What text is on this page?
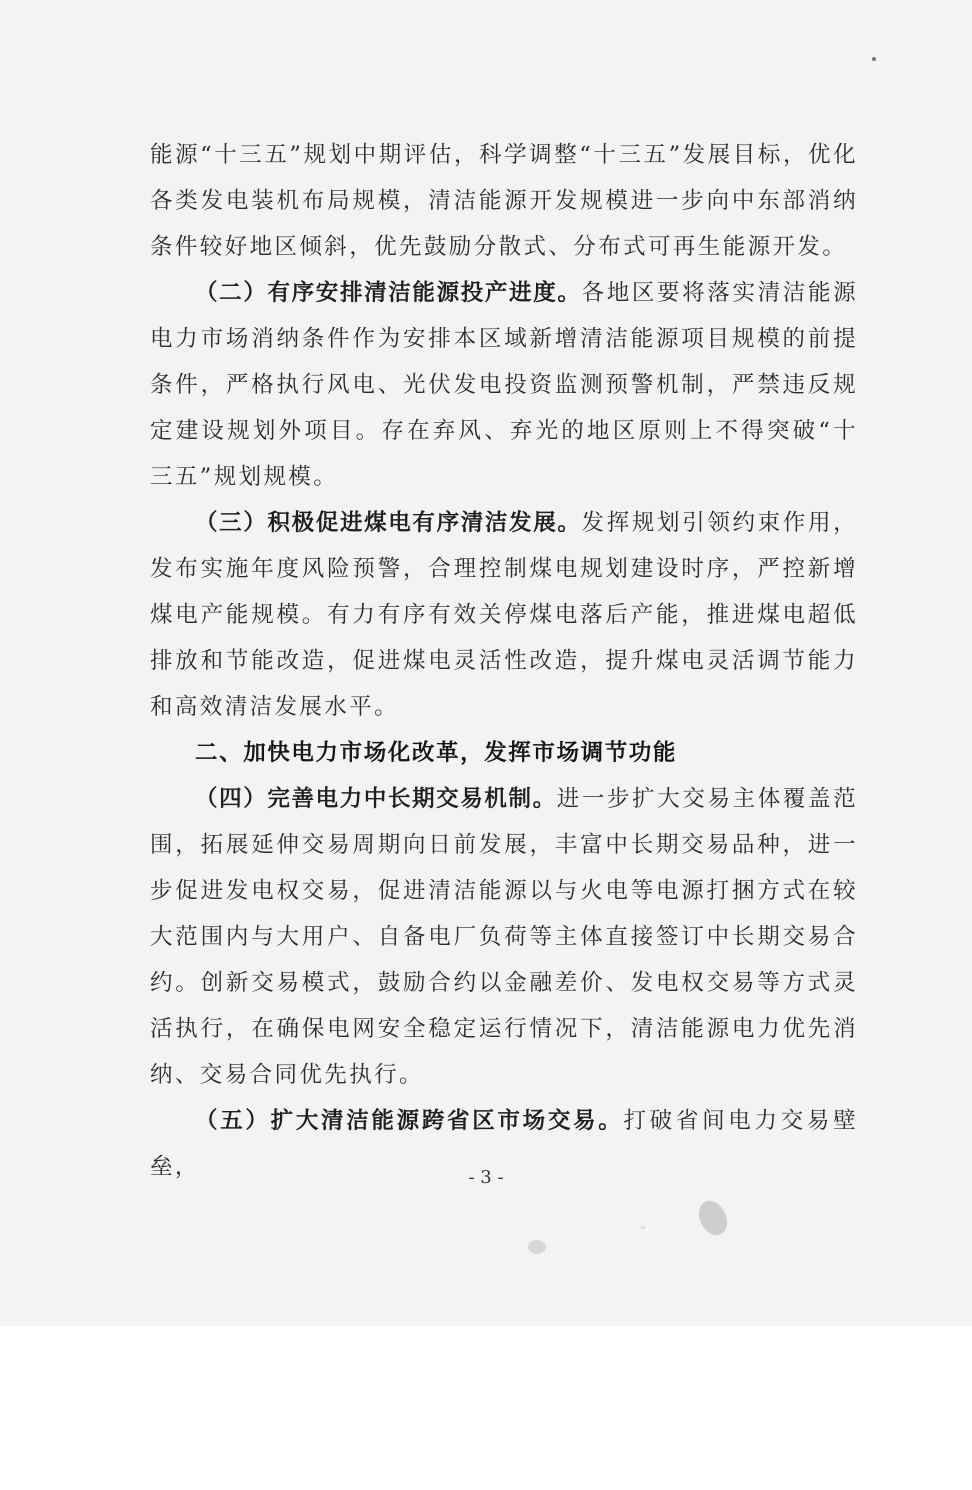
能源“十三五”规划中期评估，科学调整“十三五”发展目标，优化各类发电装机布局规模，清洁能源开发规模进一步向中东部消纳条件较好地区倾斜，优先鼓励分散式、分布式可再生能源开发。

（二）有序安排清洁能源投产进度。各地区要将落实清洁能源电力市场消纳条件作为安排本区域新增清洁能源项目规模的前提条件，严格执行风电、光伏发电投资监测预警机制，严禁违反规定建设规划外项目。存在弃风、弃光的地区原则上不得突破“十三五”规划规模。

（三）积极促进煤电有序清洁发展。发挥规划引领约束作用，发布实施年度风险预警，合理控制煤电规划建设时序，严控新增煤电产能规模。有力有序有效关停煤电落后产能，推进煤电超低排放和节能改造，促进煤电灵活性改造，提升煤电灵活调节能力和高效清洁发展水平。

二、加快电力市场化改革，发挥市场调节功能

（四）完善电力中长期交易机制。进一步扩大交易主体覆盖范围，拓展延伸交易周期向日前发展，丰富中长期交易品种，进一步促进发电权交易，促进清洁能源以与火电等电源打捆方式在较大范围内与大用户、自备电厂负荷等主体直接签订中长期交易合约。创新交易模式，鼓励合约以金融差价、发电权交易等方式灵活执行，在确保电网安全稳定运行情况下，清洁能源电力优先消纳、交易合同优先执行。

（五）扩大清洁能源跨省区市场交易。打破省间电力交易壁垒，	- 3 -
